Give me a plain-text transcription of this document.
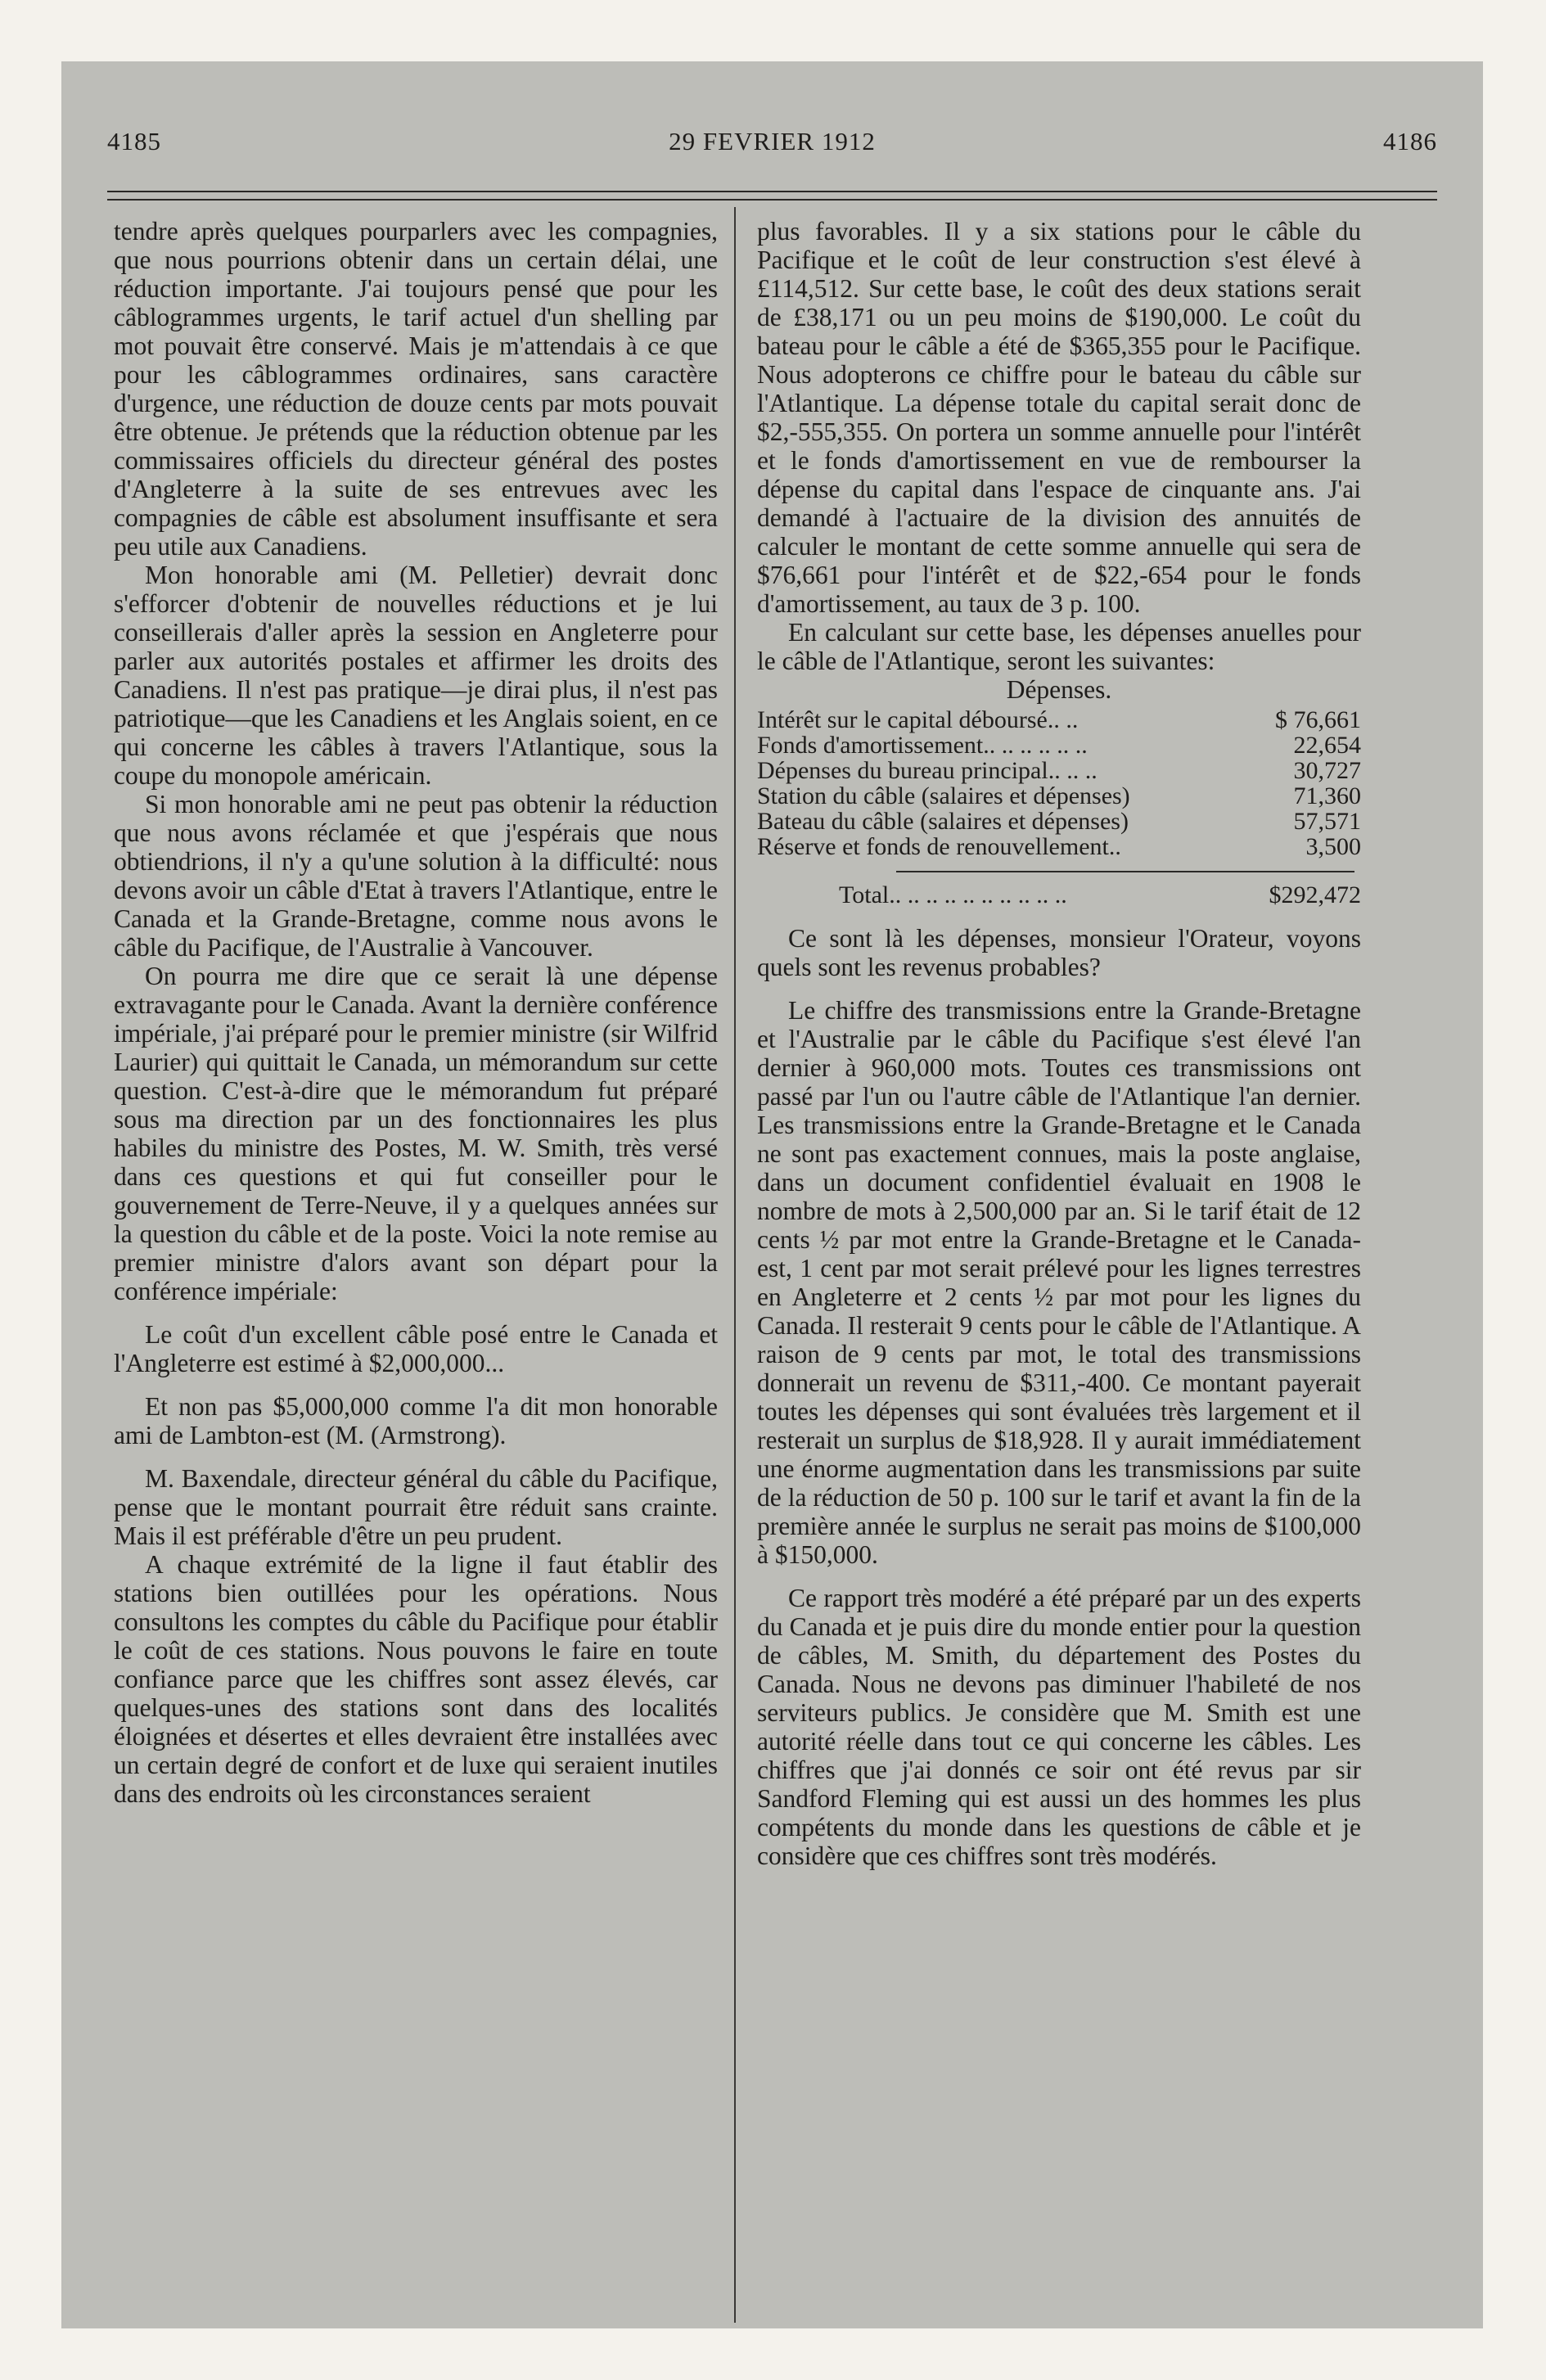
4185	29 FEVRIER 1912	4186

tendre après quelques pourparlers avec les compagnies, que nous pourrions obtenir dans un certain délai, une réduction importante. J'ai toujours pensé que pour les câblogrammes urgents, le tarif actuel d'un shelling par mot pouvait être conservé. Mais je m'attendais à ce que pour les câblogrammes ordinaires, sans caractère d'urgence, une réduction de douze cents par mots pouvait être obtenue. Je prétends que la réduction obtenue par les commissaires officiels du directeur général des postes d'Angleterre à la suite de ses entrevues avec les compagnies de câble est absolument insuffisante et sera peu utile aux Canadiens.

Mon honorable ami (M. Pelletier) devrait donc s'efforcer d'obtenir de nouvelles réductions et je lui conseillerais d'aller après la session en Angleterre pour parler aux autorités postales et affirmer les droits des Canadiens. Il n'est pas pratique—je dirai plus, il n'est pas patriotique—que les Canadiens et les Anglais soient, en ce qui concerne les câbles à travers l'Atlantique, sous la coupe du monopole américain.

Si mon honorable ami ne peut pas obtenir la réduction que nous avons réclamée et que j'espérais que nous obtiendrions, il n'y a qu'une solution à la difficulté: nous devons avoir un câble d'Etat à travers l'Atlantique, entre le Canada et la Grande-Bretagne, comme nous avons le câble du Pacifique, de l'Australie à Vancouver.

On pourra me dire que ce serait là une dépense extravagante pour le Canada. Avant la dernière conférence impériale, j'ai préparé pour le premier ministre (sir Wilfrid Laurier) qui quittait le Canada, un mémorandum sur cette question. C'est-à-dire que le mémorandum fut préparé sous ma direction par un des fonctionnaires les plus habiles du ministre des Postes, M. W. Smith, très versé dans ces questions et qui fut conseiller pour le gouvernement de Terre-Neuve, il y a quelques années sur la question du câble et de la poste. Voici la note remise au premier ministre d'alors avant son départ pour la conférence impériale:

Le coût d'un excellent câble posé entre le Canada et l'Angleterre est estimé à $2,000,000...

Et non pas $5,000,000 comme l'a dit mon honorable ami de Lambton-est (M. (Armstrong).

M. Baxendale, directeur général du câble du Pacifique, pense que le montant pourrait être réduit sans crainte. Mais il est préférable d'être un peu prudent.

A chaque extrémité de la ligne il faut établir des stations bien outillées pour les opérations. Nous consultons les comptes du câble du Pacifique pour établir le coût de ces stations. Nous pouvons le faire en toute confiance parce que les chiffres sont assez élevés, car quelques-unes des stations sont dans des localités éloignées et désertes et elles devraient être installées avec un certain degré de confort et de luxe qui seraient inutiles dans des endroits où les circonstances seraient

plus favorables. Il y a six stations pour le câble du Pacifique et le coût de leur construction s'est élevé à £114,512. Sur cette base, le coût des deux stations serait de £38,171 ou un peu moins de $190,000. Le coût du bateau pour le câble a été de $365,355 pour le Pacifique. Nous adopterons ce chiffre pour le bateau du câble sur l'Atlantique. La dépense totale du capital serait donc de $2,-555,355. On portera un somme annuelle pour l'intérêt et le fonds d'amortissement en vue de rembourser la dépense du capital dans l'espace de cinquante ans. J'ai demandé à l'actuaire de la division des annuités de calculer le montant de cette somme annuelle qui sera de $76,661 pour l'intérêt et de $22,-654 pour le fonds d'amortissement, au taux de 3 p. 100.

En calculant sur cette base, les dépenses anuelles pour le câble de l'Atlantique, seront les suivantes:

Dépenses.

Intérêt sur le capital déboursé.. ..	$ 76,661
Fonds d'amortissement.. .. .. .. .. ..	22,654
Dépenses du bureau principal.. .. ..	30,727
Station du câble (salaires et dépenses)	71,360
Bateau du câble (salaires et dépenses)	57,571
Réserve et fonds de renouvellement..	3,500
Total.. .. .. .. .. .. .. .. .. ..	$292,472

Ce sont là les dépenses, monsieur l'Orateur, voyons quels sont les revenus probables?

Le chiffre des transmissions entre la Grande-Bretagne et l'Australie par le câble du Pacifique s'est élevé l'an dernier à 960,000 mots. Toutes ces transmissions ont passé par l'un ou l'autre câble de l'Atlantique l'an dernier. Les transmissions entre la Grande-Bretagne et le Canada ne sont pas exactement connues, mais la poste anglaise, dans un document confidentiel évaluait en 1908 le nombre de mots à 2,500,000 par an. Si le tarif était de 12 cents ½ par mot entre la Grande-Bretagne et le Canada-est, 1 cent par mot serait prélevé pour les lignes terrestres en Angleterre et 2 cents ½ par mot pour les lignes du Canada. Il resterait 9 cents pour le câble de l'Atlantique. A raison de 9 cents par mot, le total des transmissions donnerait un revenu de $311,-400. Ce montant payerait toutes les dépenses qui sont évaluées très largement et il resterait un surplus de $18,928. Il y aurait immédiatement une énorme augmentation dans les transmissions par suite de la réduction de 50 p. 100 sur le tarif et avant la fin de la première année le surplus ne serait pas moins de $100,000 à $150,000.

Ce rapport très modéré a été préparé par un des experts du Canada et je puis dire du monde entier pour la question de câbles, M. Smith, du département des Postes du Canada. Nous ne devons pas diminuer l'habileté de nos serviteurs publics. Je considère que M. Smith est une autorité réelle dans tout ce qui concerne les câbles. Les chiffres que j'ai donnés ce soir ont été revus par sir Sandford Fleming qui est aussi un des hommes les plus compétents du monde dans les questions de câble et je considère que ces chiffres sont très modérés.
